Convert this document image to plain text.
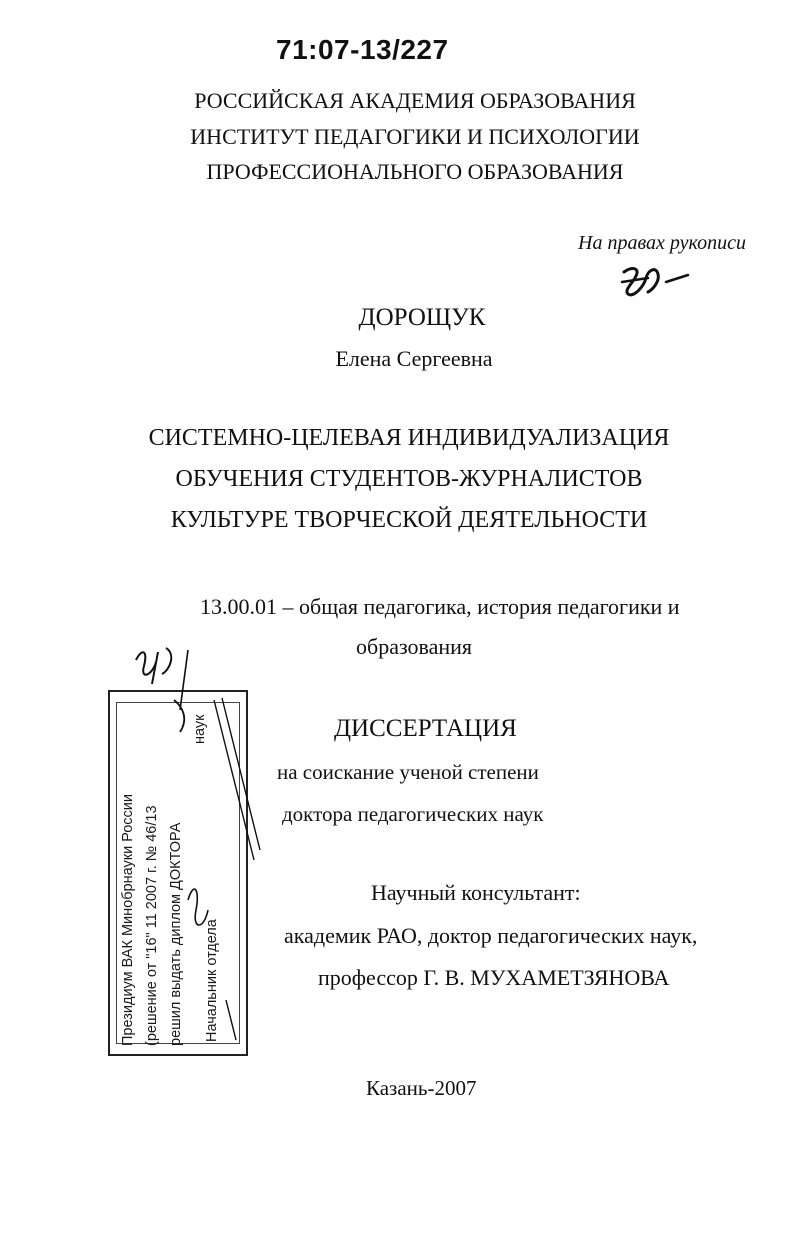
71:07-13/227
РОССИЙСКАЯ АКАДЕМИЯ ОБРАЗОВАНИЯ
ИНСТИТУТ ПЕДАГОГИКИ И ПСИХОЛОГИИ
ПРОФЕССИОНАЛЬНОГО ОБРАЗОВАНИЯ
На правах рукописи
ДОРОЩУК
Елена Сергеевна
СИСТЕМНО-ЦЕЛЕВАЯ ИНДИВИДУАЛИЗАЦИЯ
ОБУЧЕНИЯ СТУДЕНТОВ-ЖУРНАЛИСТОВ
КУЛЬТУРЕ ТВОРЧЕСКОЙ ДЕЯТЕЛЬНОСТИ
13.00.01 – общая педагогика, история педагогики и
образования
ДИССЕРТАЦИЯ
на соискание ученой степени
доктора педагогических наук
Научный консультант:
академик РАО, доктор педагогических наук,
профессор Г. В. МУХАМЕТЗЯНОВА
Казань-2007
Президиум ВАК Минобрнауки России (решение от "16" 11 2007 г. № 46/13 решил выдать диплом ДОКТОРА
наук
Начальник отдела
